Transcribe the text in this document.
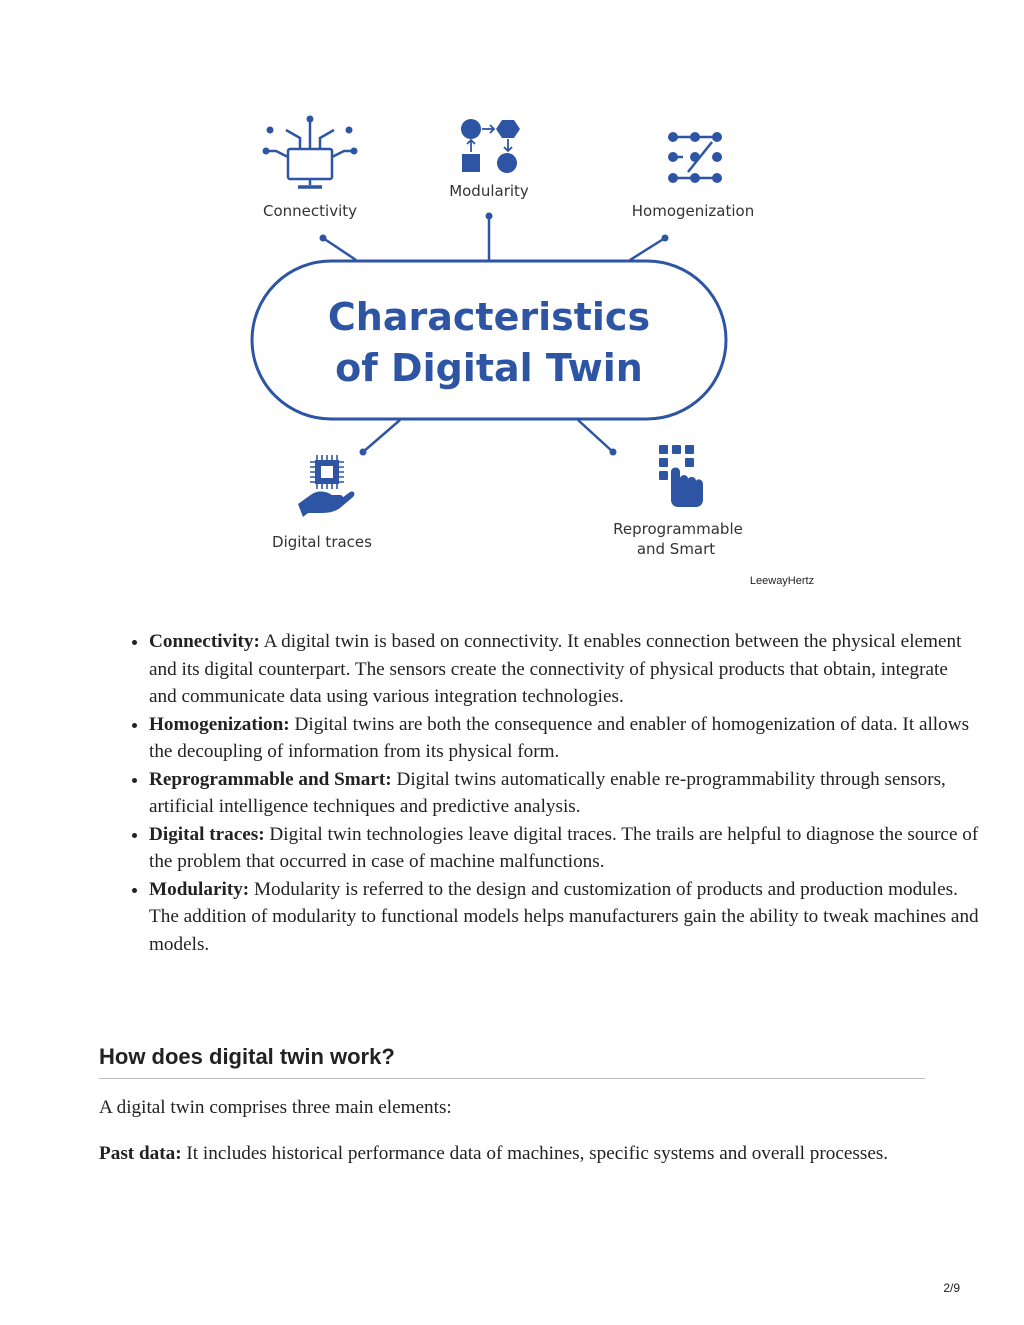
Characteristics
of Digital Twin
Connectivity
Modularity
Homogenization
Digital traces
Reprogrammable
and Smart
LeewayHertz
• Connectivity: A digital twin is based on connectivity. It enables connection between the physical element and its digital counterpart. The sensors create the connectivity of physical products that obtain, integrate and communicate data using various integration technologies.
• Homogenization: Digital twins are both the consequence and enabler of homogenization of data. It allows the decoupling of information from its physical form.
• Reprogrammable and Smart: Digital twins automatically enable re-programmability through sensors, artificial intelligence techniques and predictive analysis.
• Digital traces: Digital twin technologies leave digital traces. The trails are helpful to diagnose the source of the problem that occurred in case of machine malfunctions.
• Modularity: Modularity is referred to the design and customization of products and production modules. The addition of modularity to functional models helps manufacturers gain the ability to tweak machines and models.
How does digital twin work?

A digital twin comprises three main elements:

Past data: It includes historical performance data of machines, specific systems and overall processes.

2/9
